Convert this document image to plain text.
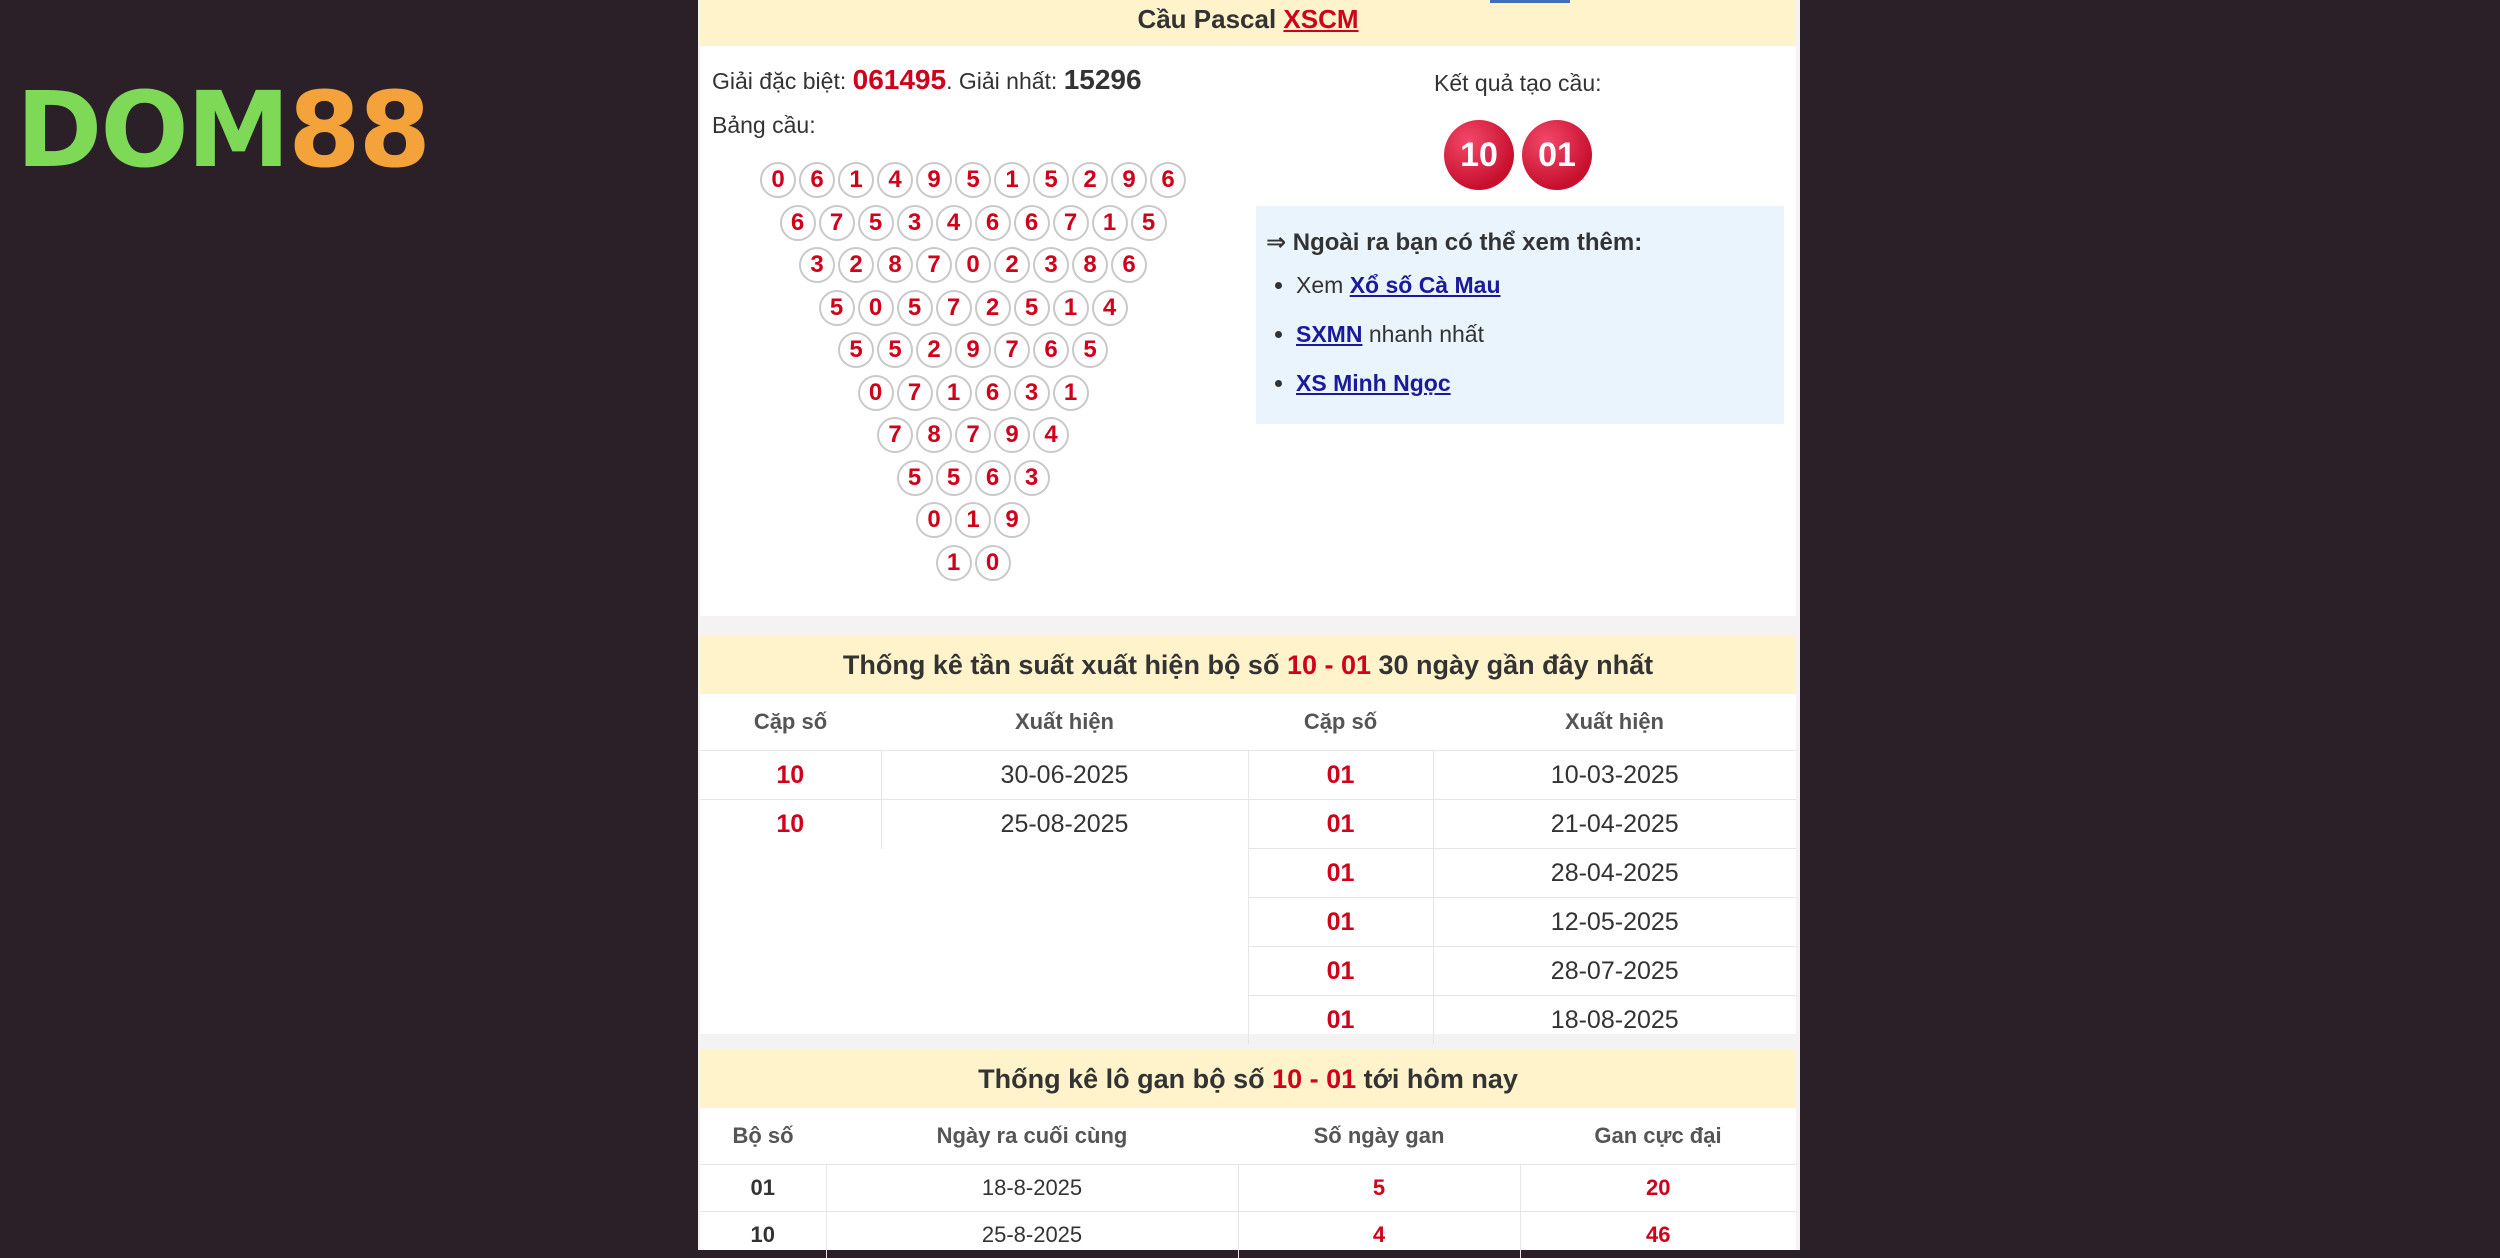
DOM88
Cầu Pascal XSCM
Giải đặc biệt: 061495. Giải nhất: 15296
Bảng cầu:
0	6	1	4	9	5	1	5	2	9	6
6	7	5	3	4	6	6	7	1	5
3	2	8	7	0	2	3	8	6
5	0	5	7	2	5	1	4
5	5	2	9	7	6	5
0	7	1	6	3	1
7	8	7	9	4
5	5	6	3
0	1	9
1	0
Kết quả tạo cầu:
10	01
⇒ Ngoài ra bạn có thể xem thêm:
• Xem Xổ số Cà Mau
• SXMN nhanh nhất
• XS Minh Ngọc
Thống kê tần suất xuất hiện bộ số 10 - 01 30 ngày gần đây nhất
Cặp số	Xuất hiện	Cặp số	Xuất hiện
10	30-06-2025	01	10-03-2025
10	25-08-2025	01	21-04-2025
		01	28-04-2025
		01	12-05-2025
		01	28-07-2025
		01	18-08-2025
Thống kê lô gan bộ số 10 - 01 tới hôm nay
Bộ số	Ngày ra cuối cùng	Số ngày gan	Gan cực đại
01	18-8-2025	5	20
10	25-8-2025	4	46
